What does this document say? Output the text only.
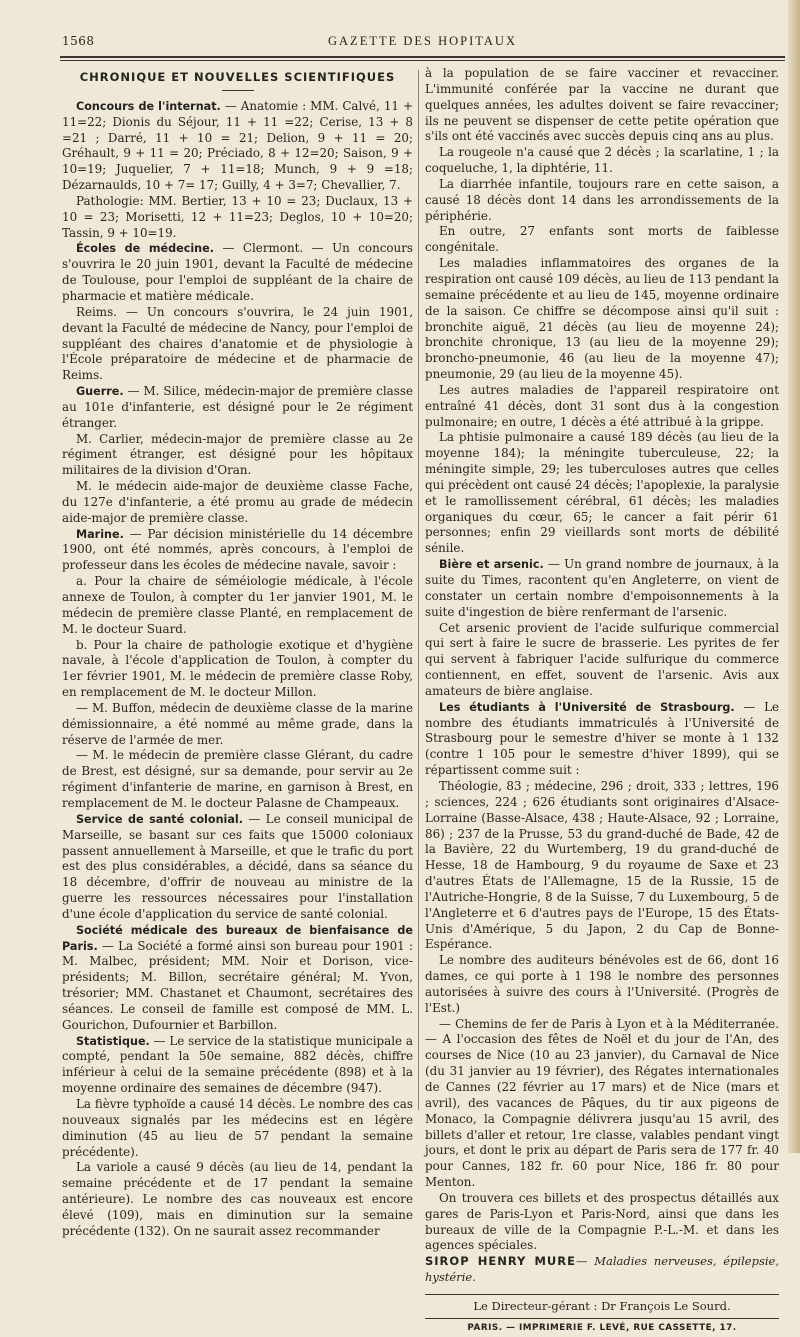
1568	GAZETTE DES HOPITAUX
CHRONIQUE ET NOUVELLES SCIENTIFIQUES

Concours de l'internat. — Anatomie : MM. Calvé, 11 + 11=22; Dionis du Séjour, 11 + 11 =22; Cerise, 13 + 8 =21 ; Darré, 11 + 10 = 21; Delion, 9 + 11 = 20; Gréhault, 9 + 11 = 20; Préciado, 8 + 12=20; Saison, 9 + 10=19; Juquelier, 7 + 11=18; Munch, 9 + 9 =18; Dézarnaulds, 10 + 7= 17; Guilly, 4 + 3=7; Chevallier, 7.

Pathologie: MM. Bertier, 13 + 10 = 23; Duclaux, 13 + 10 = 23; Morisetti, 12 + 11=23; Deglos, 10 + 10=20; Tassin, 9 + 10=19.

Écoles de médecine. — Clermont. — Un concours s'ouvrira le 20 juin 1901, devant la Faculté de médecine de Toulouse, pour l'emploi de suppléant de la chaire de pharmacie et matière médicale.

Reims. — Un concours s'ouvrira, le 24 juin 1901, devant la Faculté de médecine de Nancy, pour l'emploi de suppléant des chaires d'anatomie et de physiologie à l'École préparatoire de médecine et de pharmacie de Reims.

Guerre. — M. Silice, médecin-major de première classe au 101e d'infanterie, est désigné pour le 2e régiment étranger.

M. Carlier, médecin-major de première classe au 2e régiment étranger, est désigné pour les hôpitaux militaires de la division d'Oran.

M. le médecin aide-major de deuxième classe Fache, du 127e d'infanterie, a été promu au grade de médecin aide-major de première classe.

Marine. — Par décision ministérielle du 14 décembre 1900, ont été nommés, après concours, à l'emploi de professeur dans les écoles de médecine navale, savoir :

a. Pour la chaire de séméiologie médicale, à l'école annexe de Toulon, à compter du 1er janvier 1901, M. le médecin de première classe Planté, en remplacement de M. le docteur Suard.

b. Pour la chaire de pathologie exotique et d'hygiène navale, à l'école d'application de Toulon, à compter du 1er février 1901, M. le médecin de première classe Roby, en remplacement de M. le docteur Millon.

— M. Buffon, médecin de deuxième classe de la marine démissionnaire, a été nommé au même grade, dans la réserve de l'armée de mer.

— M. le médecin de première classe Glérant, du cadre de Brest, est désigné, sur sa demande, pour servir au 2e régiment d'infanterie de marine, en garnison à Brest, en remplacement de M. le docteur Palasne de Champeaux.

Service de santé colonial. — Le conseil municipal de Marseille, se basant sur ces faits que 15000 coloniaux passent annuellement à Marseille, et que le trafic du port est des plus considérables, a décidé, dans sa séance du 18 décembre, d'offrir de nouveau au ministre de la guerre les ressources nécessaires pour l'installation d'une école d'application du service de santé colonial.

Société médicale des bureaux de bienfaisance de Paris. — La Société a formé ainsi son bureau pour 1901 : M. Malbec, président; MM. Noir et Dorison, vice-présidents; M. Billon, secrétaire général; M. Yvon, trésorier; MM. Chastanet et Chaumont, secrétaires des séances. Le conseil de famille est composé de MM. L. Gourichon, Dufournier et Barbillon.

Statistique. — Le service de la statistique municipale a compté, pendant la 50e semaine, 882 décès, chiffre inférieur à celui de la semaine précédente (898) et à la moyenne ordinaire des semaines de décembre (947).

La fièvre typhoïde a causé 14 décès. Le nombre des cas nouveaux signalés par les médecins est en légère diminution (45 au lieu de 57 pendant la semaine précédente).

La variole a causé 9 décès (au lieu de 14, pendant la semaine précédente et de 17 pendant la semaine antérieure). Le nombre des cas nouveaux est encore élevé (109), mais en diminution sur la semaine précédente (132). On ne saurait assez recommander

à la population de se faire vacciner et revacciner. L'immunité conférée par la vaccine ne durant que quelques années, les adultes doivent se faire revacciner; ils ne peuvent se dispenser de cette petite opération que s'ils ont été vaccinés avec succès depuis cinq ans au plus.

La rougeole n'a causé que 2 décès ; la scarlatine, 1 ; la coqueluche, 1, la diphtérie, 11.

La diarrhée infantile, toujours rare en cette saison, a causé 18 décès dont 14 dans les arrondissements de la périphérie.

En outre, 27 enfants sont morts de faiblesse congénitale.

Les maladies inflammatoires des organes de la respiration ont causé 109 décès, au lieu de 113 pendant la semaine précédente et au lieu de 145, moyenne ordinaire de la saison. Ce chiffre se décompose ainsi qu'il suit : bronchite aiguë, 21 décès (au lieu de moyenne 24); bronchite chronique, 13 (au lieu de la moyenne 29); broncho-pneumonie, 46 (au lieu de la moyenne 47); pneumonie, 29 (au lieu de la moyenne 45).

Les autres maladies de l'appareil respiratoire ont entraîné 41 décès, dont 31 sont dus à la congestion pulmonaire; en outre, 1 décès a été attribué à la grippe.

La phtisie pulmonaire a causé 189 décès (au lieu de la moyenne 184); la méningite tuberculeuse, 22; la méningite simple, 29; les tuberculoses autres que celles qui précèdent ont causé 24 décès; l'apoplexie, la paralysie et le ramollissement cérébral, 61 décès; les maladies organiques du cœur, 65; le cancer a fait périr 61 personnes; enfin 29 vieillards sont morts de débilité sénile.

Bière et arsenic. — Un grand nombre de journaux, à la suite du Times, racontent qu'en Angleterre, on vient de constater un certain nombre d'empoisonnements à la suite d'ingestion de bière renfermant de l'arsenic.

Cet arsenic provient de l'acide sulfurique commercial qui sert à faire le sucre de brasserie. Les pyrites de fer qui servent à fabriquer l'acide sulfurique du commerce contiennent, en effet, souvent de l'arsenic. Avis aux amateurs de bière anglaise.

Les étudiants à l'Université de Strasbourg. — Le nombre des étudiants immatriculés à l'Université de Strasbourg pour le semestre d'hiver se monte à 1 132 (contre 1 105 pour le semestre d'hiver 1899), qui se répartissent comme suit :

Théologie, 83 ; médecine, 296 ; droit, 333 ; lettres, 196 ; sciences, 224 ; 626 étudiants sont originaires d'Alsace-Lorraine (Basse-Alsace, 438 ; Haute-Alsace, 92 ; Lorraine, 86) ; 237 de la Prusse, 53 du grand-duché de Bade, 42 de la Bavière, 22 du Wurtemberg, 19 du grand-duché de Hesse, 18 de Hambourg, 9 du royaume de Saxe et 23 d'autres États de l'Allemagne, 15 de la Russie, 15 de l'Autriche-Hongrie, 8 de la Suisse, 7 du Luxembourg, 5 de l'Angleterre et 6 d'autres pays de l'Europe, 15 des États-Unis d'Amérique, 5 du Japon, 2 du Cap de Bonne-Espérance.

Le nombre des auditeurs bénévoles est de 66, dont 16 dames, ce qui porte à 1 198 le nombre des personnes autorisées à suivre des cours à l'Université. (Progrès de l'Est.)

— Chemins de fer de Paris à Lyon et à la Méditerranée. — A l'occasion des fêtes de Noël et du jour de l'An, des courses de Nice (10 au 23 janvier), du Carnaval de Nice (du 31 janvier au 19 février), des Régates internationales de Cannes (22 février au 17 mars) et de Nice (mars et avril), des vacances de Pâques, du tir aux pigeons de Monaco, la Compagnie délivrera jusqu'au 15 avril, des billets d'aller et retour, 1re classe, valables pendant vingt jours, et dont le prix au départ de Paris sera de 177 fr. 40 pour Cannes, 182 fr. 60 pour Nice, 186 fr. 80 pour Menton.

On trouvera ces billets et des prospectus détaillés aux gares de Paris-Lyon et Paris-Nord, ainsi que dans les bureaux de ville de la Compagnie P.-L.-M. et dans les agences spéciales.

SIROP HENRY MURE— Maladies nerveuses, épilepsie, hystérie.

Le Directeur-gérant : Dr François Le Sourd.

PARIS. — IMPRIMERIE F. LEVÉ, RUE CASSETTE, 17.
